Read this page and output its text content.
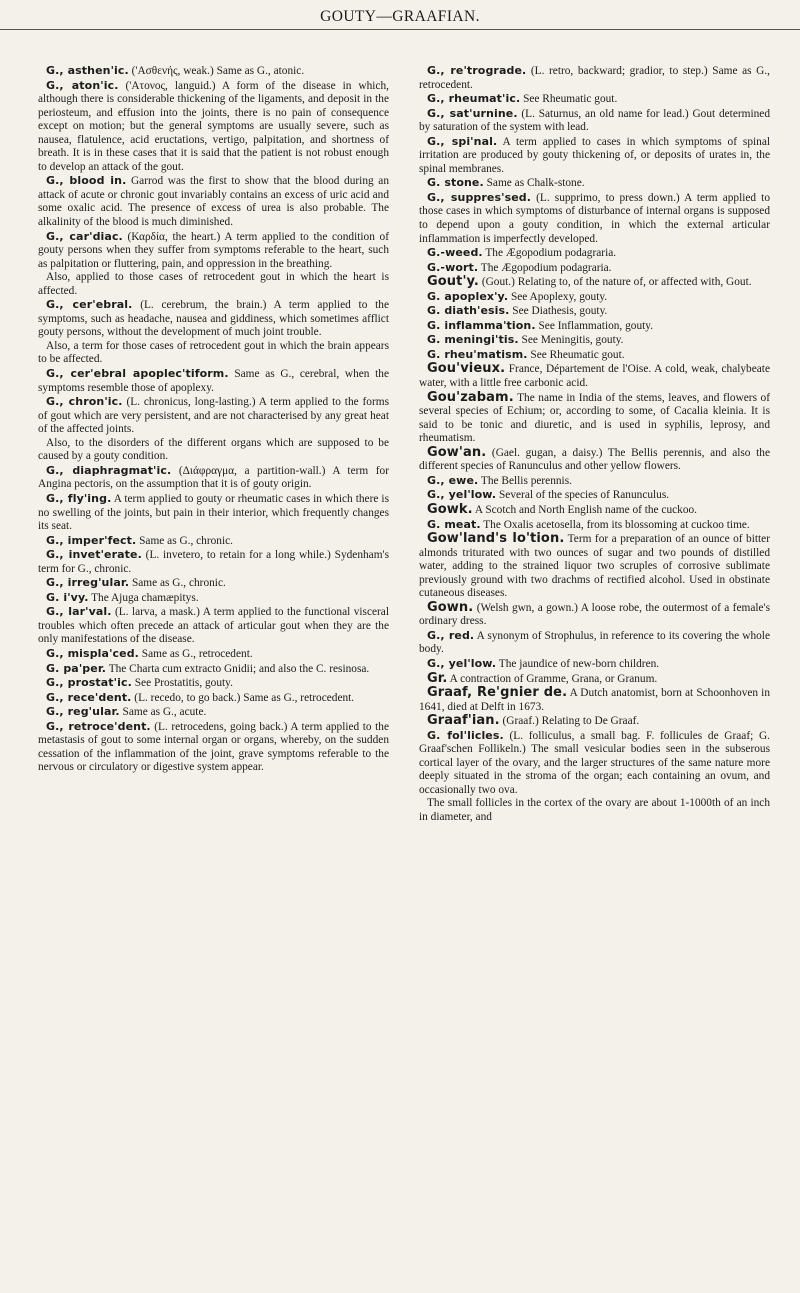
GOUTY—GRAAFIAN.

G., asthen'ic. ('Ασθενής, weak.) Same as G., atonic.

G., aton'ic. ('Ατονος, languid.) A form of the disease in which, although there is considerable thickening of the ligaments, and deposit in the periosteum, and effusion into the joints, there is no pain of consequence except on motion; but the general symptoms are usually severe, such as nausea, flatulence, acid eructations, vertigo, palpitation, and shortness of breath. It is in these cases that it is said that the patient is not robust enough to develop an attack of the gout.

G., blood in. Garrod was the first to show that the blood during an attack of acute or chronic gout invariably contains an excess of uric acid and some oxalic acid. The presence of excess of urea is also probable. The alkalinity of the blood is much diminished.

G., car'diac. (Καρδία, the heart.) A term applied to the condition of gouty persons when they suffer from symptoms referable to the heart, such as palpitation or fluttering, pain, and oppression in the breathing.

Also, applied to those cases of retrocedent gout in which the heart is affected.

G., cer'ebral. (L. cerebrum, the brain.) A term applied to the symptoms, such as headache, nausea and giddiness, which sometimes afflict gouty persons, without the development of much joint trouble.

Also, a term for those cases of retrocedent gout in which the brain appears to be affected.

G., cer'ebral apoplec'tiform. Same as G., cerebral, when the symptoms resemble those of apoplexy.

G., chron'ic. (L. chronicus, long-lasting.) A term applied to the forms of gout which are very persistent, and are not characterised by any great heat of the affected joints.

Also, to the disorders of the different organs which are supposed to be caused by a gouty condition.

G., diaphragmat'ic. (Διάφραγμα, a partition-wall.) A term for Angina pectoris, on the assumption that it is of gouty origin.

G., fly'ing. A term applied to gouty or rheumatic cases in which there is no swelling of the joints, but pain in their interior, which frequently changes its seat.

G., imper'fect. Same as G., chronic.

G., invet'erate. (L. invetero, to retain for a long while.) Sydenham's term for G., chronic.

G., irreg'ular. Same as G., chronic.

G. i'vy. The Ajuga chamæpitys.

G., lar'val. (L. larva, a mask.) A term applied to the functional visceral troubles which often precede an attack of articular gout when they are the only manifestations of the disease.

G., mispla'ced. Same as G., retrocedent.

G. pa'per. The Charta cum extracto Gnidii; and also the C. resinosa.

G., prostat'ic. See Prostatitis, gouty.

G., rece'dent. (L. recedo, to go back.) Same as G., retrocedent.

G., reg'ular. Same as G., acute.

G., retroce'dent. (L. retrocedens, going back.) A term applied to the metastasis of gout to some internal organ or organs, whereby, on the sudden cessation of the inflammation of the joint, grave symptoms referable to the nervous or circulatory or digestive system appear.

G., re'trograde. (L. retro, backward; gradior, to step.) Same as G., retrocedent.

G., rheumat'ic. See Rheumatic gout.

G., sat'urnine. (L. Saturnus, an old name for lead.) Gout determined by saturation of the system with lead.

G., spi'nal. A term applied to cases in which symptoms of spinal irritation are produced by gouty thickening of, or deposits of urates in, the spinal membranes.

G. stone. Same as Chalk-stone.

G., suppres'sed. (L. supprimo, to press down.) A term applied to those cases in which symptoms of disturbance of internal organs is supposed to depend upon a gouty condition, in which the external articular inflammation is imperfectly developed.

G.-weed. The Ægopodium podagraria.

G.-wort. The Ægopodium podagraria.

Gout'y. (Gout.) Relating to, of the nature of, or affected with, Gout.

G. apoplex'y. See Apoplexy, gouty.

G. diath'esis. See Diathesis, gouty.

G. inflamma'tion. See Inflammation, gouty.

G. meningi'tis. See Meningitis, gouty.

G. rheu'matism. See Rheumatic gout.

Gou'vieux. France, Département de l'Oise. A cold, weak, chalybeate water, with a little free carbonic acid.

Gou'zabam. The name in India of the stems, leaves, and flowers of several species of Echium; or, according to some, of Cacalia kleinia. It is said to be tonic and diuretic, and is used in syphilis, leprosy, and rheumatism.

Gow'an. (Gael. gugan, a daisy.) The Bellis perennis, and also the different species of Ranunculus and other yellow flowers.

G., ewe. The Bellis perennis.

G., yel'low. Several of the species of Ranunculus.

Gowk. A Scotch and North English name of the cuckoo.

G. meat. The Oxalis acetosella, from its blossoming at cuckoo time.

Gow'land's lo'tion. Term for a preparation of an ounce of bitter almonds triturated with two ounces of sugar and two pounds of distilled water, adding to the strained liquor two scruples of corrosive sublimate previously ground with two drachms of rectified alcohol. Used in obstinate cutaneous diseases.

Gown. (Welsh gwn, a gown.) A loose robe, the outermost of a female's ordinary dress.

G., red. A synonym of Strophulus, in reference to its covering the whole body.

G., yel'low. The jaundice of new-born children.

Gr. A contraction of Gramme, Grana, or Granum.

Graaf, Re'gnier de. A Dutch anatomist, born at Schoonhoven in 1641, died at Delft in 1673.

Graaf'ian. (Graaf.) Relating to De Graaf.

G. fol'licles. (L. folliculus, a small bag. F. follicules de Graaf; G. Graaf'schen Follikeln.) The small vesicular bodies seen in the subserous cortical layer of the ovary, and the larger structures of the same nature more deeply situated in the stroma of the organ; each containing an ovum, and occasionally two ova.

The small follicles in the cortex of the ovary are about 1-1000th of an inch in diameter, and
